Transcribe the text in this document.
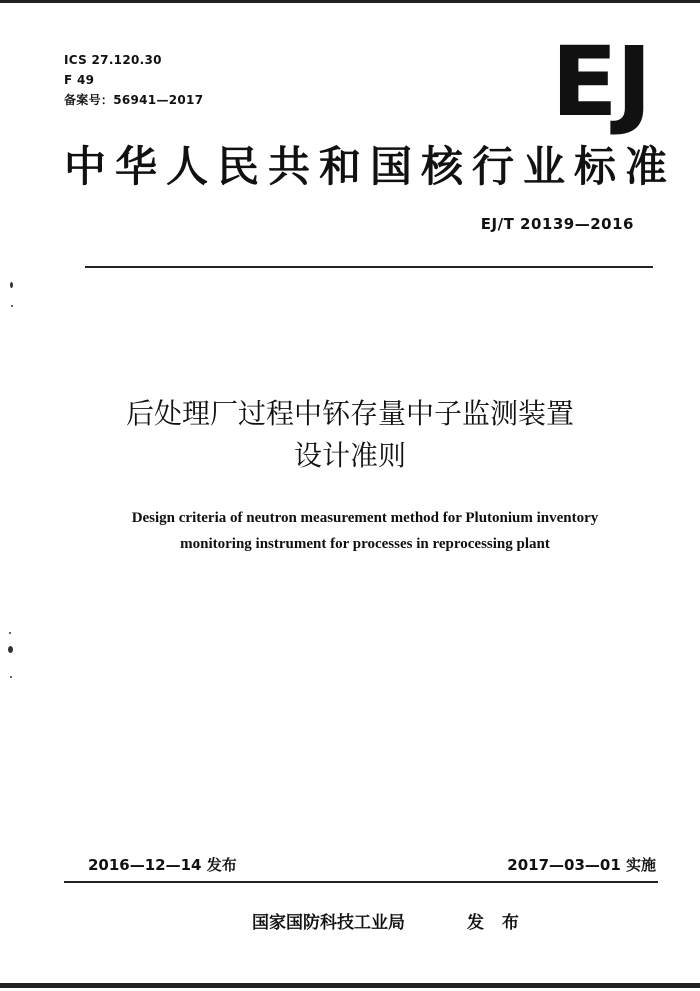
ICS 27.120.30
F 49
备案号：56941—2017	EJ
中华人民共和国核行业标准
EJ/T 20139—2016
后处理厂过程中钚存量中子监测装置
设计准则
Design criteria of neutron measurement method for Plutonium inventory
monitoring instrument for processes in reprocessing plant
2016—12—14 发布	2017—03—01 实施
国家国防科技工业局	发 布
